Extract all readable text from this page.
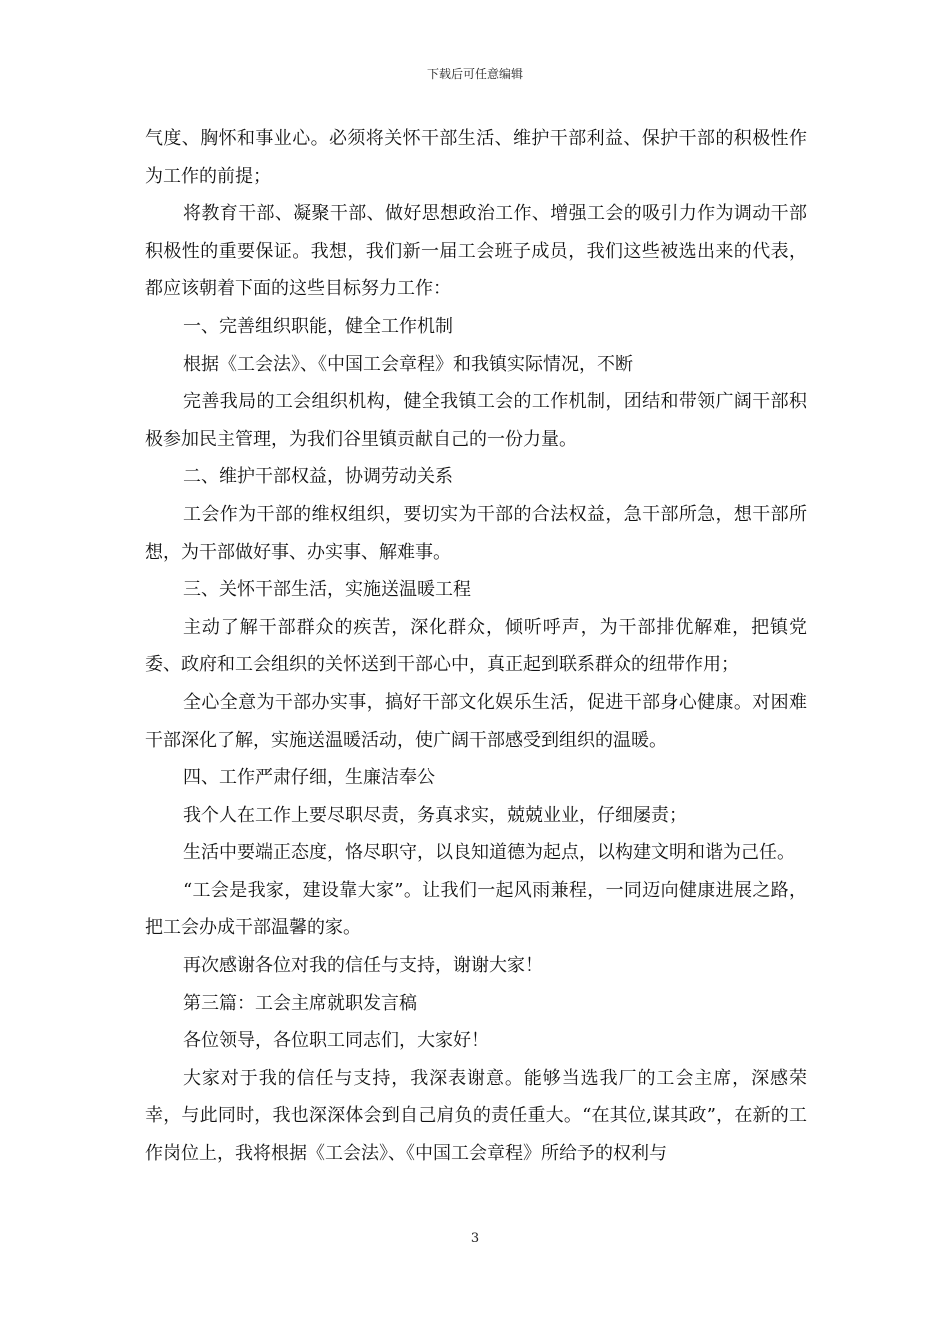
下载后可任意编辑

气度、胸怀和事业心。必须将关怀干部生活、维护干部利益、保护干部的积极性作为工作的前提；

将教育干部、凝聚干部、做好思想政治工作、增强工会的吸引力作为调动干部积极性的重要保证。我想，我们新一届工会班子成员，我们这些被选出来的代表，都应该朝着下面的这些目标努力工作：

一、完善组织职能，健全工作机制

根据《工会法》、《中国工会章程》和我镇实际情况，不断

完善我局的工会组织机构，健全我镇工会的工作机制，团结和带领广阔干部积极参加民主管理，为我们谷里镇贡献自己的一份力量。

二、维护干部权益，协调劳动关系

工会作为干部的维权组织，要切实为干部的合法权益，急干部所急，想干部所想，为干部做好事、办实事、解难事。

三、关怀干部生活，实施送温暖工程

主动了解干部群众的疾苦，深化群众，倾听呼声，为干部排优解难，把镇党委、政府和工会组织的关怀送到干部心中，真正起到联系群众的纽带作用；

全心全意为干部办实事，搞好干部文化娱乐生活，促进干部身心健康。对困难干部深化了解，实施送温暖活动，使广阔干部感受到组织的温暖。

四、工作严肃仔细，生廉洁奉公

我个人在工作上要尽职尽责，务真求实，兢兢业业，仔细屡责；

生活中要端正态度，恪尽职守，以良知道德为起点，以构建文明和谐为己任。

“工会是我家，建设靠大家”。让我们一起风雨兼程，一同迈向健康进展之路，把工会办成干部温馨的家。

再次感谢各位对我的信任与支持，谢谢大家！

第三篇：工会主席就职发言稿

各位领导，各位职工同志们，大家好！

大家对于我的信任与支持，我深表谢意。能够当选我厂的工会主席，深感荣幸，与此同时，我也深深体会到自己肩负的责任重大。“在其位,谋其政”，在新的工作岗位上，我将根据《工会法》、《中国工会章程》所给予的权利与

3
